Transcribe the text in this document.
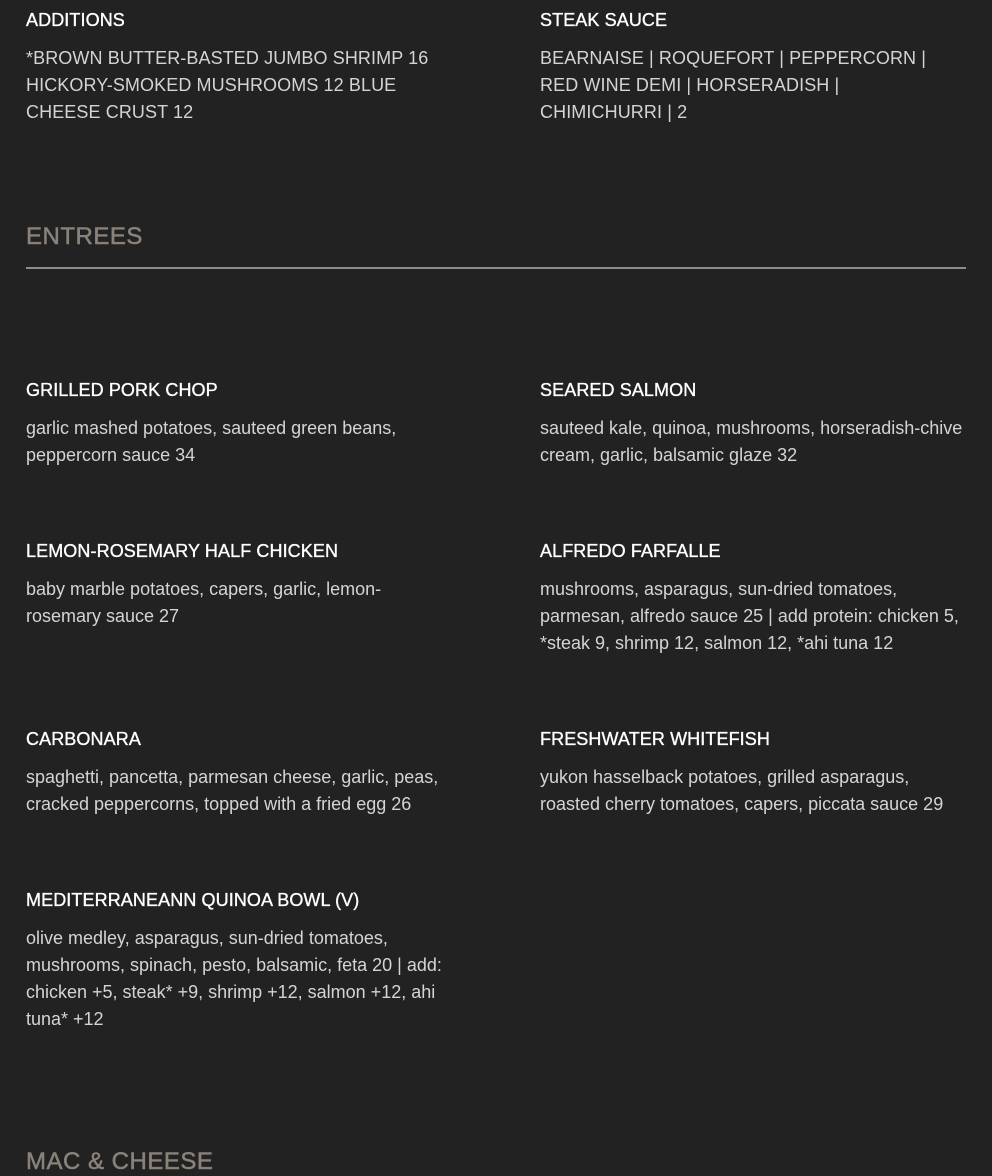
ADDITIONS

*BROWN BUTTER-BASTED JUMBO SHRIMP 16 HICKORY-SMOKED MUSHROOMS 12 BLUE CHEESE CRUST 12

STEAK SAUCE

BEARNAISE | ROQUEFORT | PEPPERCORN | RED WINE DEMI | HORSERADISH | CHIMICHURRI | 2

ENTREES
GRILLED PORK CHOP

garlic mashed potatoes, sauteed green beans, peppercorn sauce 34

SEARED SALMON

sauteed kale, quinoa, mushrooms, horseradish-chive cream, garlic, balsamic glaze 32

LEMON-ROSEMARY HALF CHICKEN

baby marble potatoes, capers, garlic, lemon-rosemary sauce 27

ALFREDO FARFALLE

mushrooms, asparagus, sun-dried tomatoes, parmesan, alfredo sauce 25 | add protein: chicken 5, *steak 9, shrimp 12, salmon 12, *ahi tuna 12

CARBONARA

spaghetti, pancetta, parmesan cheese, garlic, peas, cracked peppercorns, topped with a fried egg 26

FRESHWATER WHITEFISH

yukon hasselback potatoes, grilled asparagus, roasted cherry tomatoes, capers, piccata sauce 29

MEDITERRANEANN QUINOA BOWL (V)

olive medley, asparagus, sun-dried tomatoes, mushrooms, spinach, pesto, balsamic, feta 20 | add: chicken +5, steak* +9, shrimp +12, salmon +12, ahi tuna* +12

MAC & CHEESE
